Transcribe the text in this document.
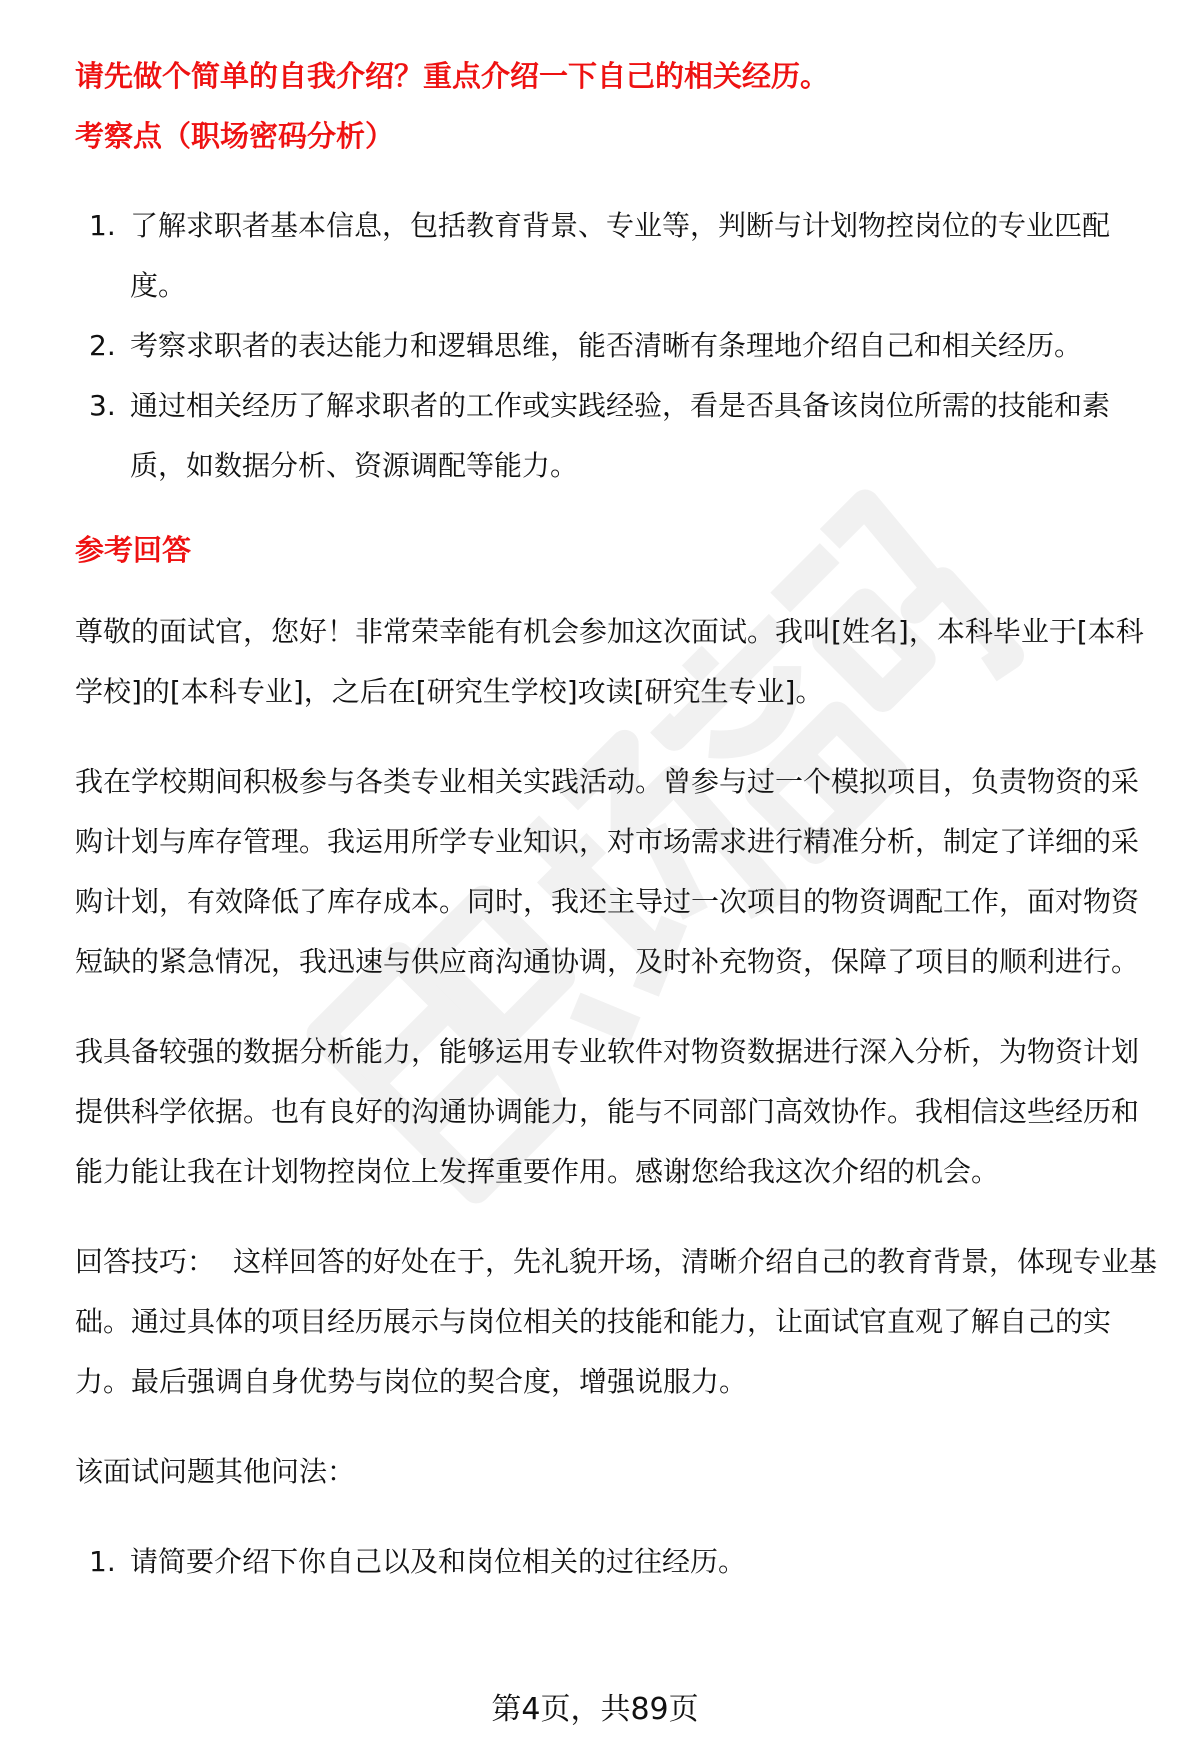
请先做个简单的自我介绍？重点介绍一下自己的相关经历。
考察点（职场密码分析）
1. 了解求职者基本信息，包括教育背景、专业等，判断与计划物控岗位的专业匹配度。
2. 考察求职者的表达能力和逻辑思维，能否清晰有条理地介绍自己和相关经历。
3. 通过相关经历了解求职者的工作或实践经验，看是否具备该岗位所需的技能和素质，如数据分析、资源调配等能力。
参考回答

尊敬的面试官，您好！非常荣幸能有机会参加这次面试。我叫[姓名]，本科毕业于[本科学校]的[本科专业]，之后在[研究生学校]攻读[研究生专业]。

我在学校期间积极参与各类专业相关实践活动。曾参与过一个模拟项目，负责物资的采购计划与库存管理。我运用所学专业知识，对市场需求进行精准分析，制定了详细的采购计划，有效降低了库存成本。同时，我还主导过一次项目的物资调配工作，面对物资短缺的紧急情况，我迅速与供应商沟通协调，及时补充物资，保障了项目的顺利进行。

我具备较强的数据分析能力，能够运用专业软件对物资数据进行深入分析，为物资计划提供科学依据。也有良好的沟通协调能力，能与不同部门高效协作。我相信这些经历和能力能让我在计划物控岗位上发挥重要作用。感谢您给我这次介绍的机会。

回答技巧： 这样回答的好处在于，先礼貌开场，清晰介绍自己的教育背景，体现专业基础。通过具体的项目经历展示与岗位相关的技能和能力，让面试官直观了解自己的实力。最后强调自身优势与岗位的契合度，增强说服力。

该面试问题其他问法：

1. 请简要介绍下你自己以及和岗位相关的过往经历。
第4页，共89页
